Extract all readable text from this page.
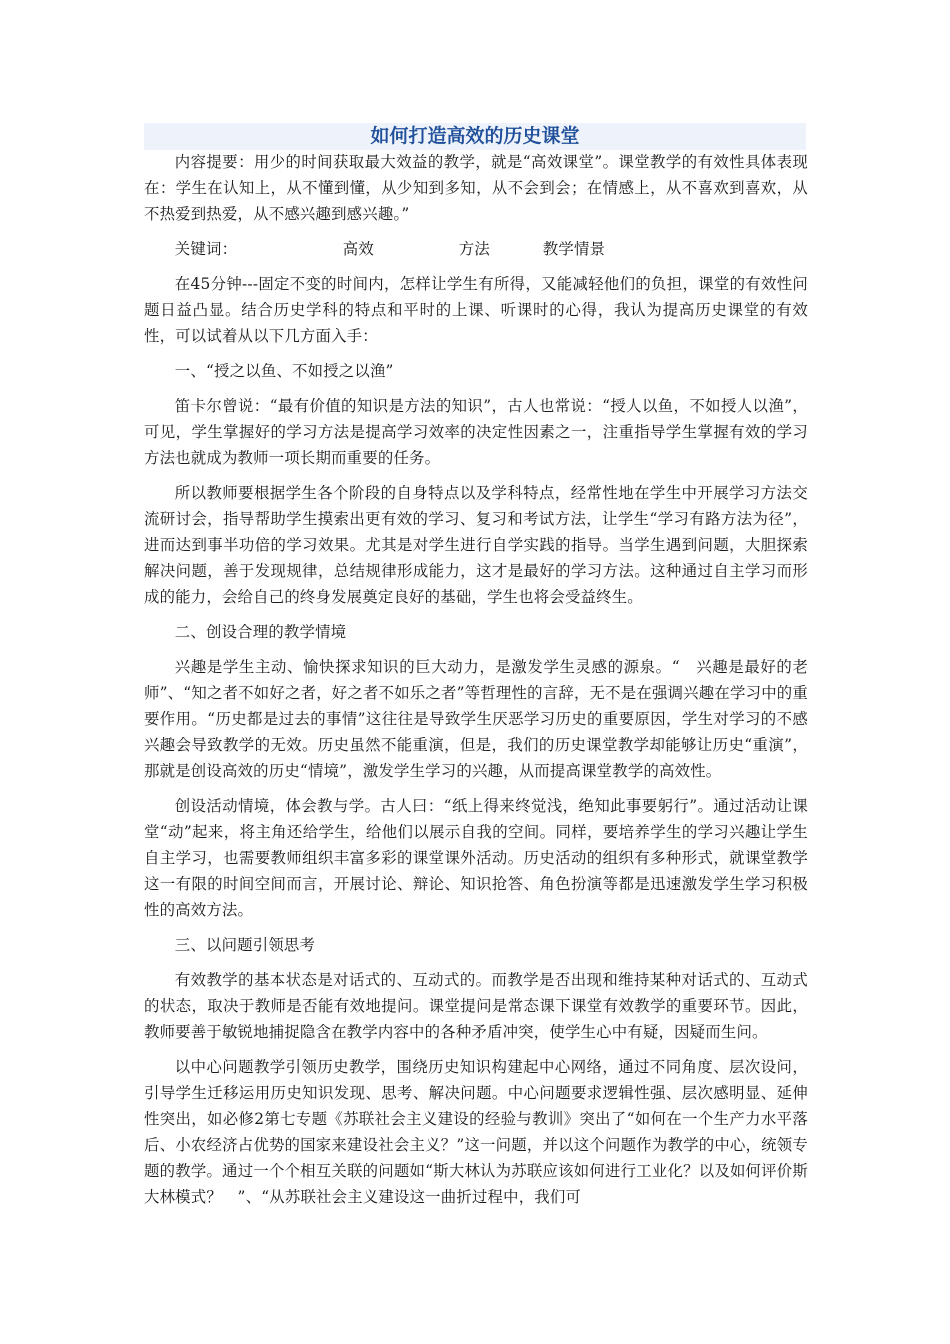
如何打造高效的历史课堂

内容提要：用少的时间获取最大效益的教学，就是“高效课堂”。课堂教学的有效性具体表现在：学生在认知上，从不懂到懂，从少知到多知，从不会到会；在情感上，从不喜欢到喜欢，从不热爱到热爱，从不感兴趣到感兴趣。”

关键词：	高效	方法	教学情景

在45分钟---固定不变的时间内，怎样让学生有所得，又能减轻他们的负担，课堂的有效性问题日益凸显。结合历史学科的特点和平时的上课、听课时的心得，我认为提高历史课堂的有效性，可以试着从以下几方面入手：

一、“授之以鱼、不如授之以渔”

笛卡尔曾说：“最有价值的知识是方法的知识”，古人也常说：“授人以鱼，不如授人以渔”，可见，学生掌握好的学习方法是提高学习效率的决定性因素之一，注重指导学生掌握有效的学习方法也就成为教师一项长期而重要的任务。

所以教师要根据学生各个阶段的自身特点以及学科特点，经常性地在学生中开展学习方法交流研讨会，指导帮助学生摸索出更有效的学习、复习和考试方法，让学生“学习有路方法为径”，进而达到事半功倍的学习效果。尤其是对学生进行自学实践的指导。当学生遇到问题，大胆探索解决问题，善于发现规律，总结规律形成能力，这才是最好的学习方法。这种通过自主学习而形成的能力，会给自己的终身发展奠定良好的基础，学生也将会受益终生。

二、创设合理的教学情境

兴趣是学生主动、愉快探求知识的巨大动力，是激发学生灵感的源泉。“　兴趣是最好的老师”、“知之者不如好之者，好之者不如乐之者”等哲理性的言辞，无不是在强调兴趣在学习中的重要作用。“历史都是过去的事情”这往往是导致学生厌恶学习历史的重要原因，学生对学习的不感兴趣会导致教学的无效。历史虽然不能重演，但是，我们的历史课堂教学却能够让历史“重演”，那就是创设高效的历史“情境”，激发学生学习的兴趣，从而提高课堂教学的高效性。

创设活动情境，体会教与学。古人曰：“纸上得来终觉浅，绝知此事要躬行”。通过活动让课堂“动”起来，将主角还给学生，给他们以展示自我的空间。同样，要培养学生的学习兴趣让学生自主学习，也需要教师组织丰富多彩的课堂课外活动。历史活动的组织有多种形式，就课堂教学这一有限的时间空间而言，开展讨论、辩论、知识抢答、角色扮演等都是迅速激发学生学习积极性的高效方法。

三、以问题引领思考

有效教学的基本状态是对话式的、互动式的。而教学是否出现和维持某种对话式的、互动式的状态，取决于教师是否能有效地提问。课堂提问是常态课下课堂有效教学的重要环节。因此，教师要善于敏锐地捕捉隐含在教学内容中的各种矛盾冲突，使学生心中有疑，因疑而生问。

以中心问题教学引领历史教学，围绕历史知识构建起中心网络，通过不同角度、层次设问，引导学生迁移运用历史知识发现、思考、解决问题。中心问题要求逻辑性强、层次感明显、延伸性突出，如必修2第七专题《苏联社会主义建设的经验与教训》突出了“如何在一个生产力水平落后、小农经济占优势的国家来建设社会主义？”这一问题，并以这个问题作为教学的中心，统领专题的教学。通过一个个相互关联的问题如“斯大林认为苏联应该如何进行工业化？以及如何评价斯大林模式？　”、“从苏联社会主义建设这一曲折过程中，我们可
